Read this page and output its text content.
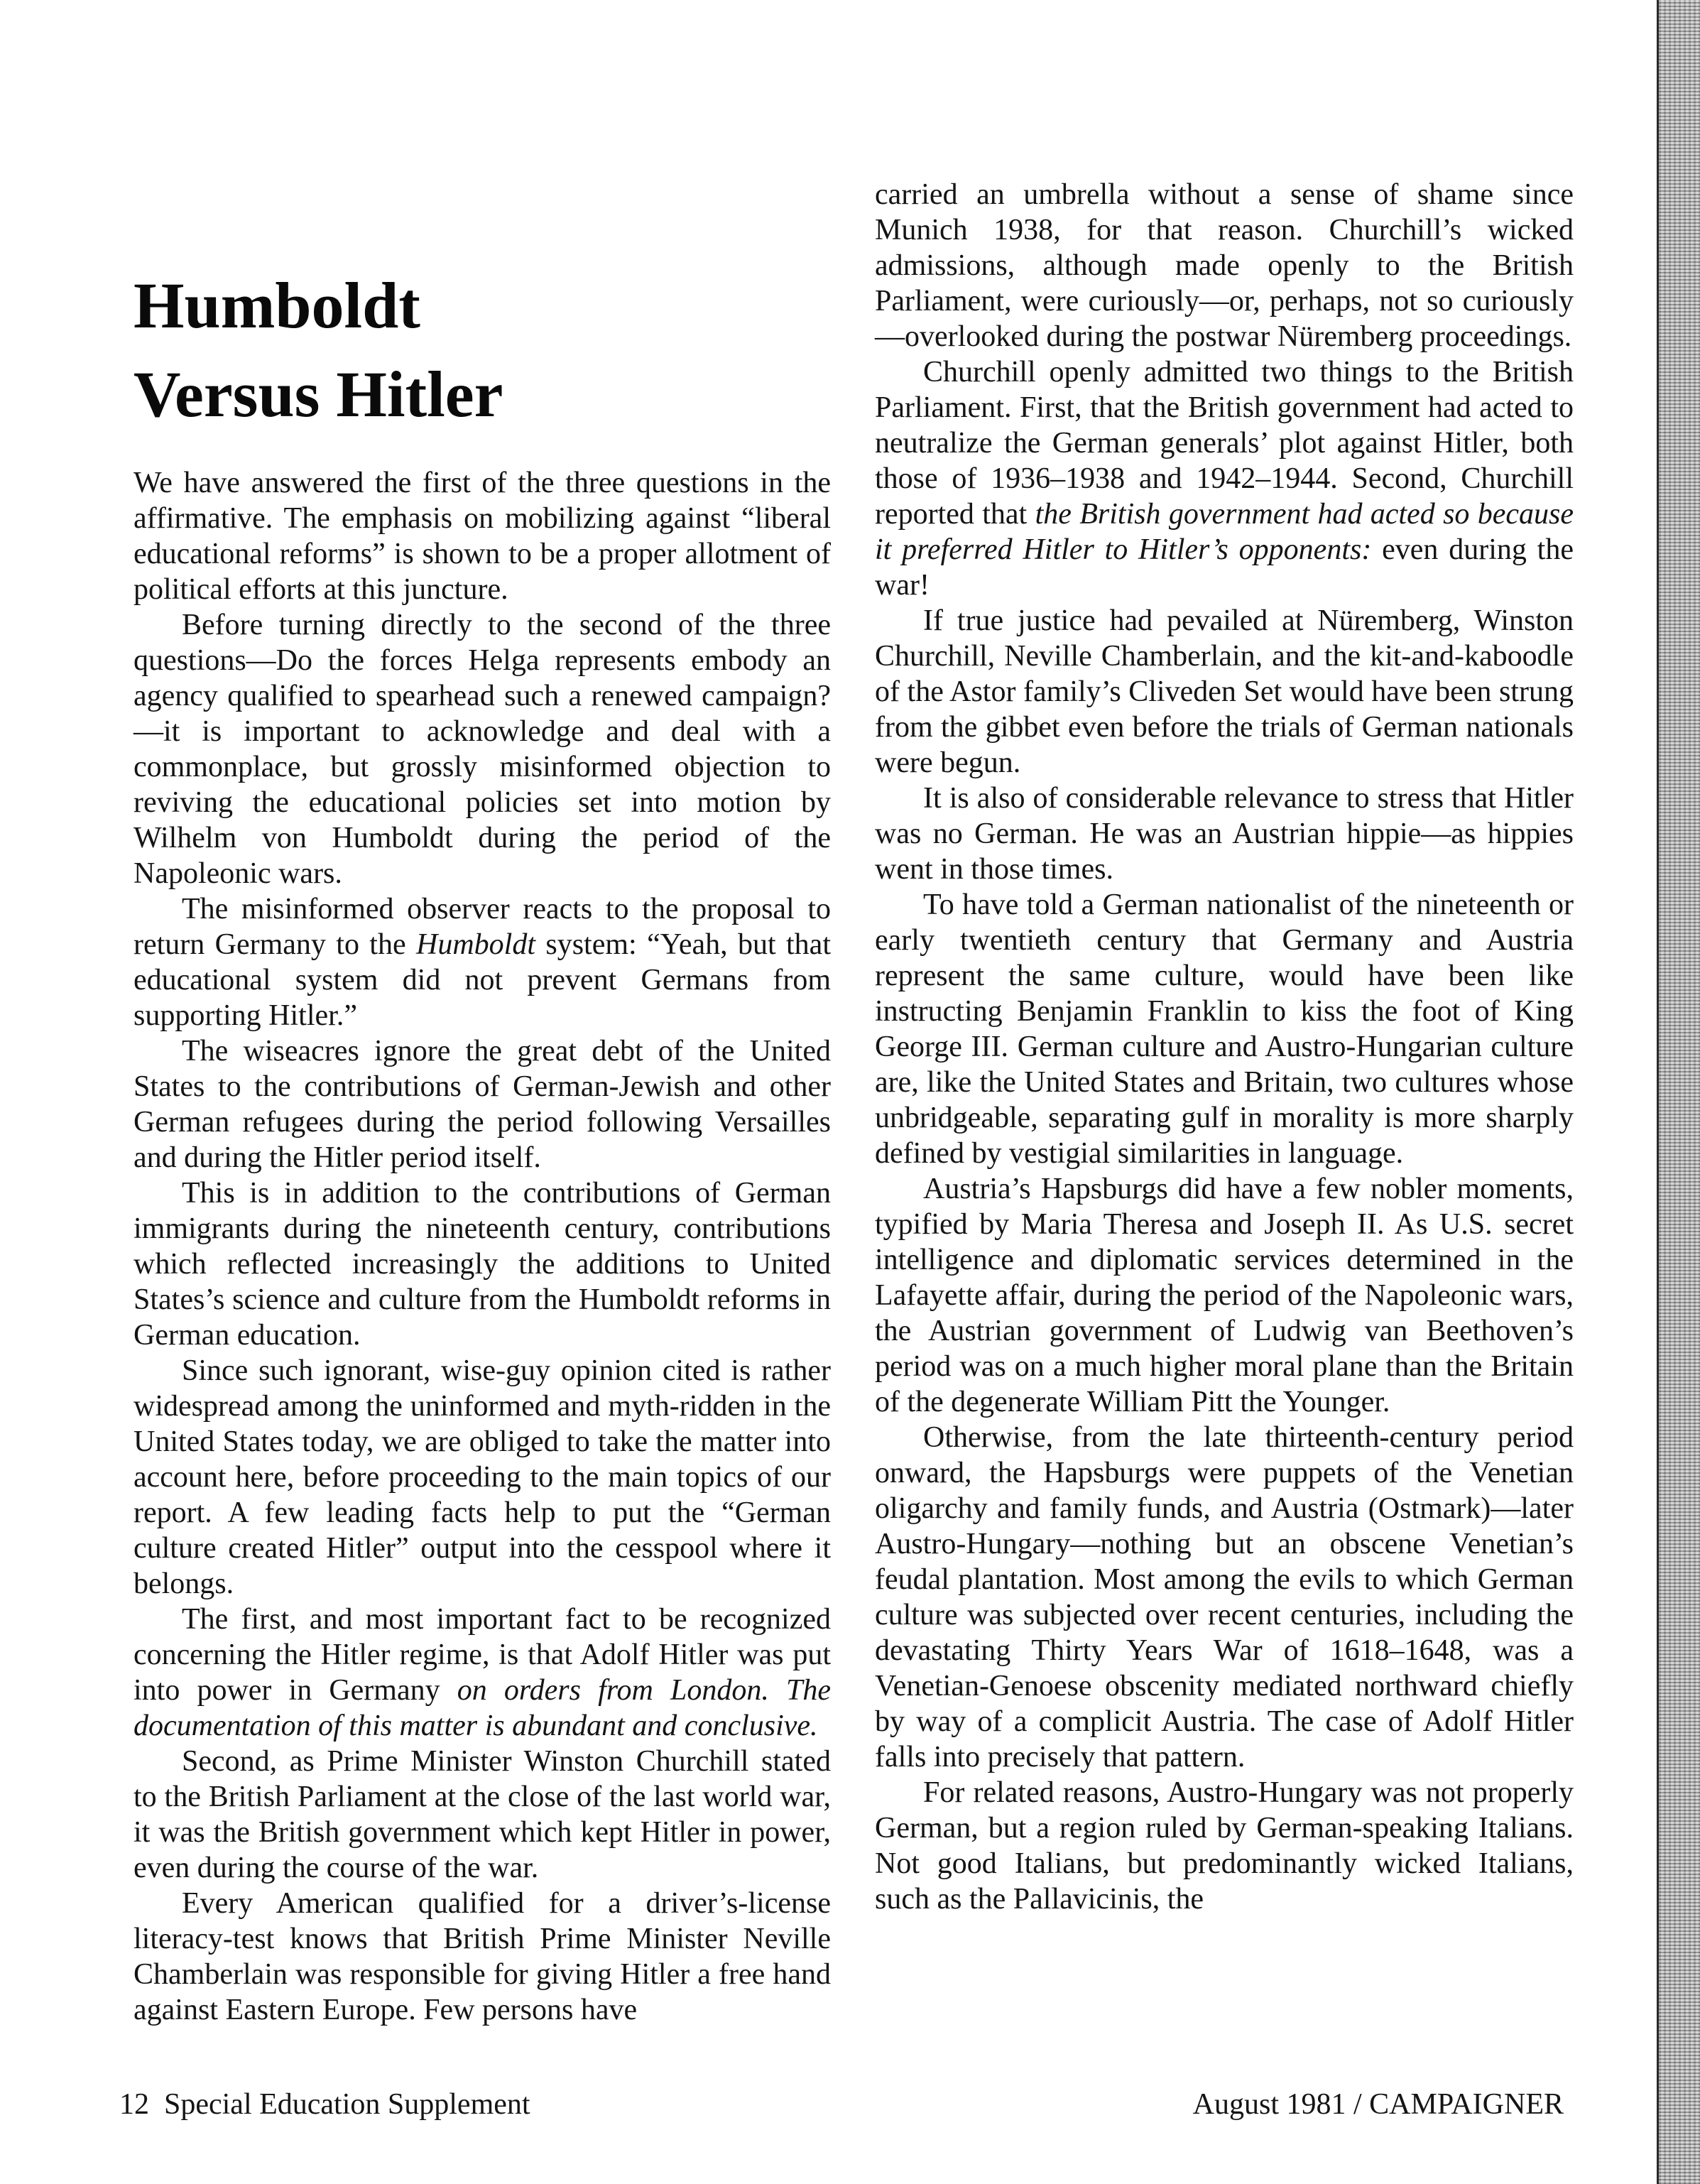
Humboldt
Versus Hitler

We have answered the first of the three questions in the affirmative. The emphasis on mobilizing against “liberal educational reforms” is shown to be a proper allotment of political efforts at this juncture.

Before turning directly to the second of the three questions—Do the forces Helga represents embody an agency qualified to spearhead such a renewed campaign?—it is important to acknowledge and deal with a commonplace, but grossly misinformed objection to reviving the educational policies set into motion by Wilhelm von Humboldt during the period of the Napoleonic wars.

The misinformed observer reacts to the proposal to return Germany to the Humboldt system: “Yeah, but that educational system did not prevent Germans from supporting Hitler.”

The wiseacres ignore the great debt of the United States to the contributions of German-Jewish and other German refugees during the period following Versailles and during the Hitler period itself.

This is in addition to the contributions of German immigrants during the nineteenth century, contributions which reflected increasingly the additions to United States’s science and culture from the Humboldt reforms in German education.

Since such ignorant, wise-guy opinion cited is rather widespread among the uninformed and myth-ridden in the United States today, we are obliged to take the matter into account here, before proceeding to the main topics of our report. A few leading facts help to put the “German culture created Hitler” output into the cesspool where it belongs.

The first, and most important fact to be recognized concerning the Hitler regime, is that Adolf Hitler was put into power in Germany on orders from London. The documentation of this matter is abundant and conclusive.

Second, as Prime Minister Winston Churchill stated to the British Parliament at the close of the last world war, it was the British government which kept Hitler in power, even during the course of the war.

Every American qualified for a driver’s-license literacy-test knows that British Prime Minister Neville Chamberlain was responsible for giving Hitler a free hand against Eastern Europe. Few persons have

carried an umbrella without a sense of shame since Munich 1938, for that reason. Churchill’s wicked admissions, although made openly to the British Parliament, were curiously—or, perhaps, not so curiously—overlooked during the postwar Nüremberg proceedings.

Churchill openly admitted two things to the British Parliament. First, that the British government had acted to neutralize the German generals’ plot against Hitler, both those of 1936–1938 and 1942–1944. Second, Churchill reported that the British government had acted so because it preferred Hitler to Hitler’s opponents: even during the war!

If true justice had pevailed at Nüremberg, Winston Churchill, Neville Chamberlain, and the kit-and-kaboodle of the Astor family’s Cliveden Set would have been strung from the gibbet even before the trials of German nationals were begun.

It is also of considerable relevance to stress that Hitler was no German. He was an Austrian hippie—as hippies went in those times.

To have told a German nationalist of the nineteenth or early twentieth century that Germany and Austria represent the same culture, would have been like instructing Benjamin Franklin to kiss the foot of King George III. German culture and Austro-Hungarian culture are, like the United States and Britain, two cultures whose unbridgeable, separating gulf in morality is more sharply defined by vestigial similarities in language.

Austria’s Hapsburgs did have a few nobler moments, typified by Maria Theresa and Joseph II. As U.S. secret intelligence and diplomatic services determined in the Lafayette affair, during the period of the Napoleonic wars, the Austrian government of Ludwig van Beethoven’s period was on a much higher moral plane than the Britain of the degenerate William Pitt the Younger.

Otherwise, from the late thirteenth-century period onward, the Hapsburgs were puppets of the Venetian oligarchy and family funds, and Austria (Ostmark)—later Austro-Hungary—nothing but an obscene Venetian’s feudal plantation. Most among the evils to which German culture was subjected over recent centuries, including the devastating Thirty Years War of 1618–1648, was a Venetian-Genoese obscenity mediated northward chiefly by way of a complicit Austria. The case of Adolf Hitler falls into precisely that pattern.

For related reasons, Austro-Hungary was not properly German, but a region ruled by German-speaking Italians. Not good Italians, but predominantly wicked Italians, such as the Pallavicinis, the

12  Special Education Supplement	August 1981 / CAMPAIGNER
